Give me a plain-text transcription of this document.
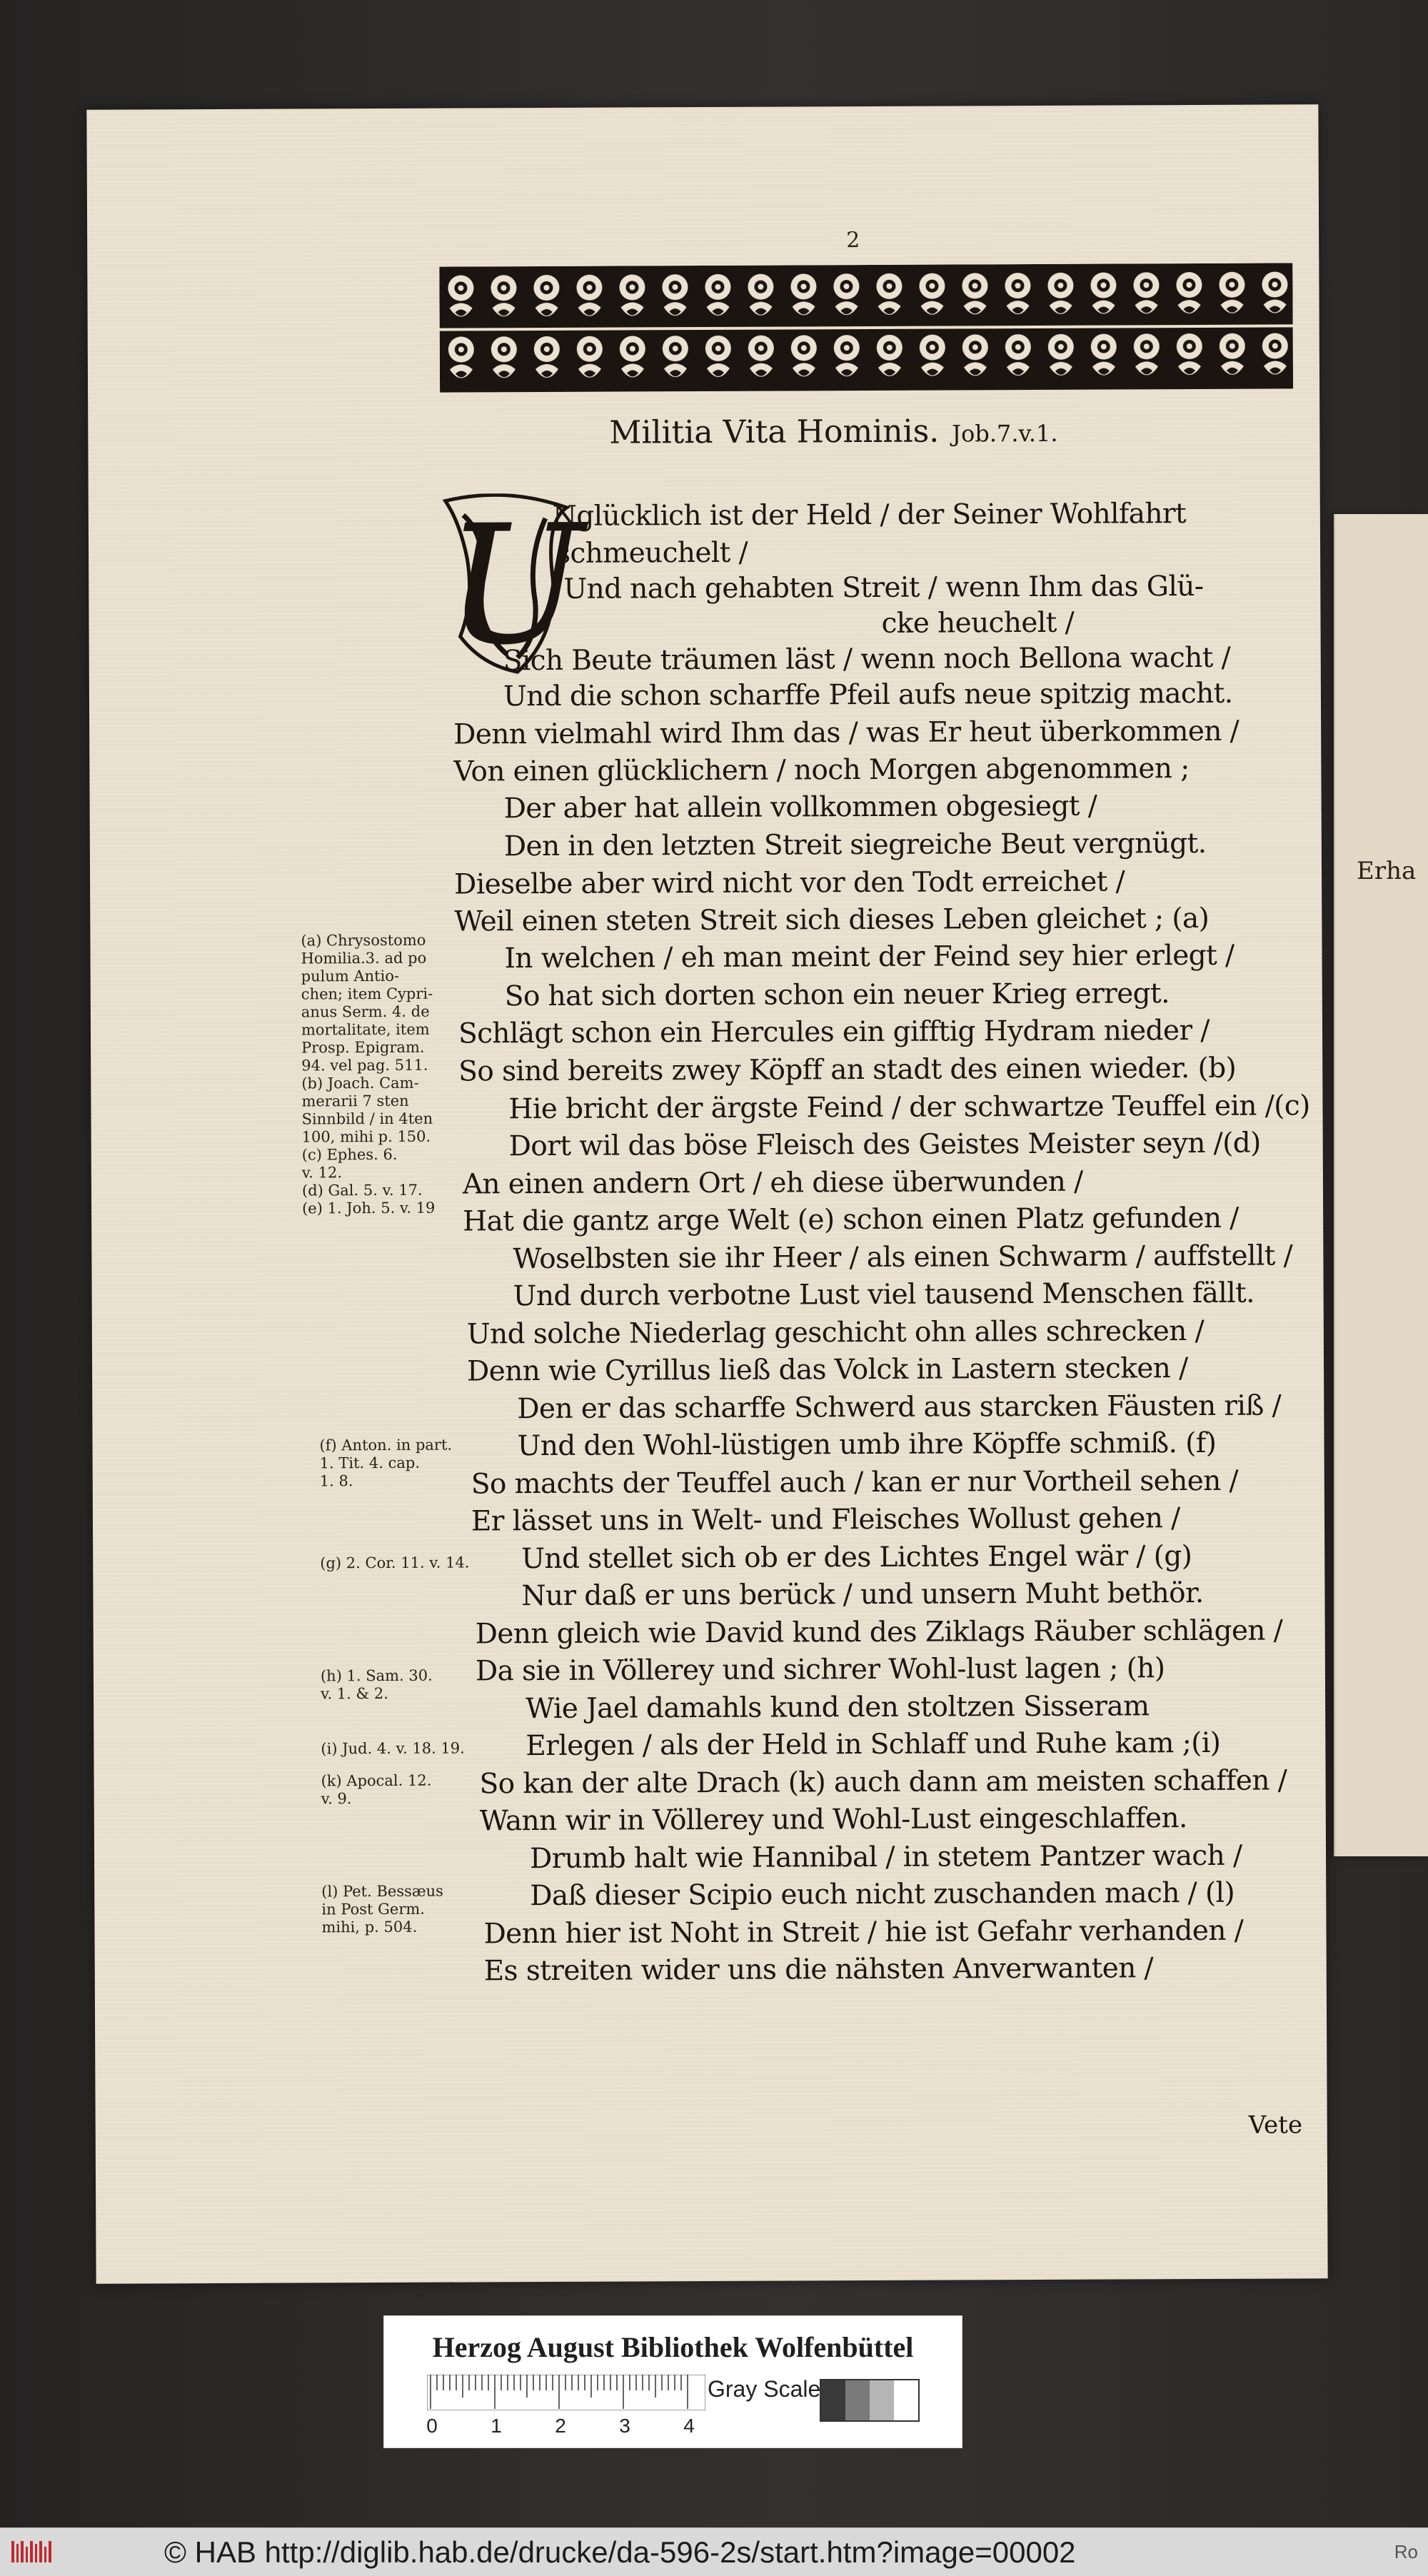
Erha
2
Militia Vita Hominis. Job.7.v.1.
U
Nglücklich ist der Held / der Seiner Wohlfahrt
schmeuchelt /
Und nach gehabten Streit / wenn Ihm das Glü-
cke heuchelt /
Sich Beute träumen läst / wenn noch Bellona wacht /
Und die schon scharffe Pfeil aufs neue spitzig macht.
Denn vielmahl wird Ihm das / was Er heut überkommen /
Von einen glücklichern / noch Morgen abgenommen ;
Der aber hat allein vollkommen obgesiegt /
Den in den letzten Streit siegreiche Beut vergnügt.
Dieselbe aber wird nicht vor den Todt erreichet /
Weil einen steten Streit sich dieses Leben gleichet ; (a)
In welchen / eh man meint der Feind sey hier erlegt /
So hat sich dorten schon ein neuer Krieg erregt.
Schlägt schon ein Hercules ein gifftig Hydram nieder /
So sind bereits zwey Köpff an stadt des einen wieder. (b)
Hie bricht der ärgste Feind / der schwartze Teuffel ein /(c)
Dort wil das böse Fleisch des Geistes Meister seyn /(d)
An einen andern Ort / eh diese überwunden /
Hat die gantz arge Welt (e) schon einen Platz gefunden /
Woselbsten sie ihr Heer / als einen Schwarm / auffstellt /
Und durch verbotne Lust viel tausend Menschen fällt.
Und solche Niederlag geschicht ohn alles schrecken /
Denn wie Cyrillus ließ das Volck in Lastern stecken /
Den er das scharffe Schwerd aus starcken Fäusten riß /
Und den Wohl-lüstigen umb ihre Köpffe schmiß. (f)
So machts der Teuffel auch / kan er nur Vortheil sehen /
Er lässet uns in Welt- und Fleisches Wollust gehen /
Und stellet sich ob er des Lichtes Engel wär / (g)
Nur daß er uns berück / und unsern Muht bethör.
Denn gleich wie David kund des Ziklags Räuber schlägen /
Da sie in Völlerey und sichrer Wohl-lust lagen ; (h)
Wie Jael damahls kund den stoltzen Sisseram
Erlegen / als der Held in Schlaff und Ruhe kam ;(i)
So kan der alte Drach (k) auch dann am meisten schaffen /
Wann wir in Völlerey und Wohl-Lust eingeschlaffen.
Drumb halt wie Hannibal / in stetem Pantzer wach /
Daß dieser Scipio euch nicht zuschanden mach / (l)
Denn hier ist Noht in Streit / hie ist Gefahr verhanden /
Es streiten wider uns die nähsten Anverwanten /
(a) Chrysostomo
Homilia.3. ad po
pulum Antio-
chen; item Cypri-
anus Serm. 4. de
mortalitate, item
Prosp. Epigram.
94. vel pag. 511.
(b) Joach. Cam-
merarii 7 sten
Sinnbild / in 4ten
100, mihi p. 150.
(c) Ephes. 6.
v. 12.
(d) Gal. 5. v. 17.
(e) 1. Joh. 5. v. 19
(f) Anton. in part.
1. Tit. 4. cap.
1. 8.
(g) 2. Cor. 11. v. 14.
(h) 1. Sam. 30.
v. 1. & 2.
(i) Jud. 4. v. 18. 19.
(k) Apocal. 12.
v. 9.
(l) Pet. Bessæus
in Post Germ.
mihi, p. 504.
Vete
Herzog August Bibliothek Wolfenbüttel
0	1	2	3	4
Gray Scale
© HAB http://diglib.hab.de/drucke/da-596-2s/start.htm?image=00002	Ro
